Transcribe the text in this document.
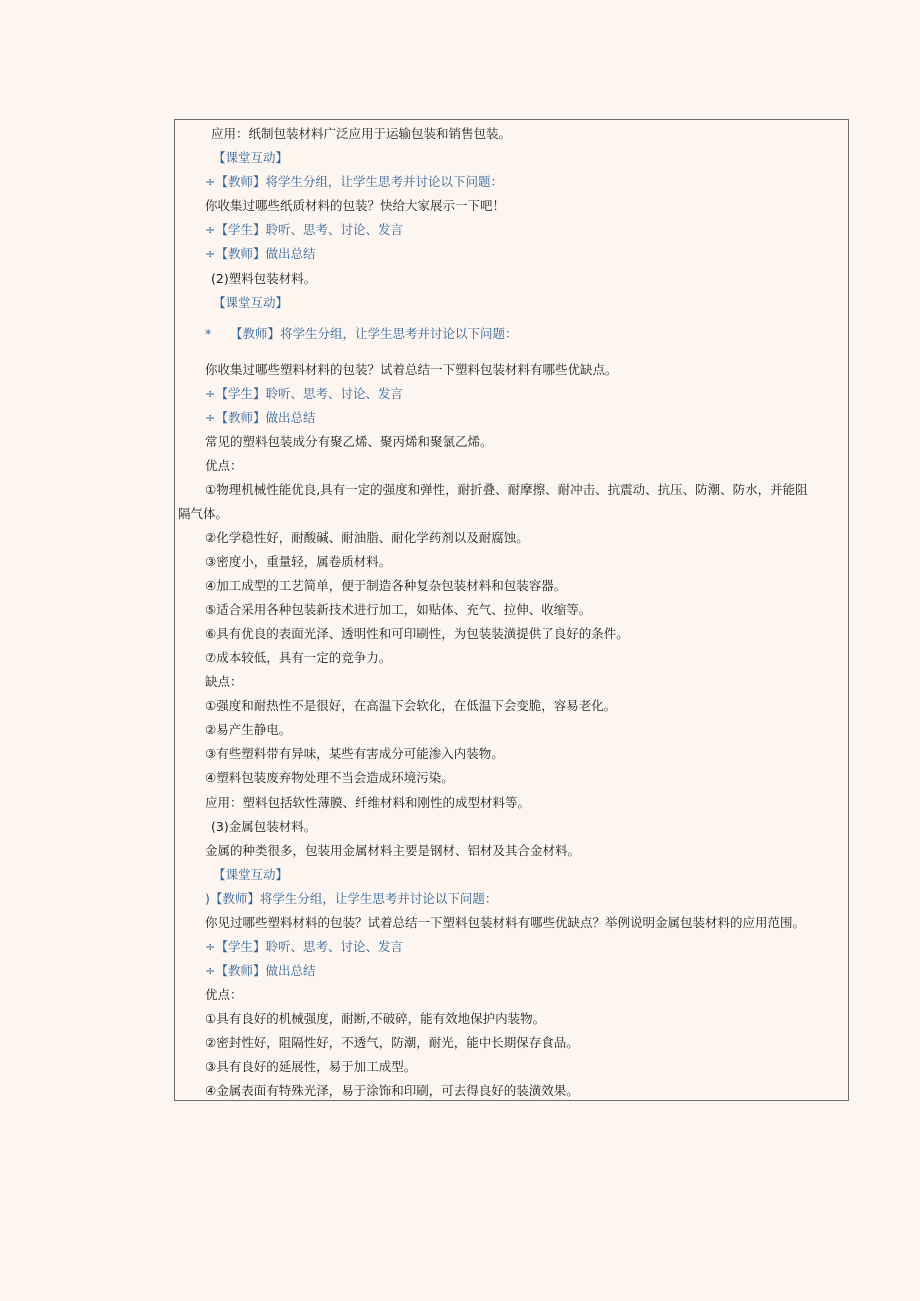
应用：纸制包装材料广泛应用于运输包装和销售包装。
【课堂互动】
÷【教师】将学生分组，让学生思考并讨论以下问题：
你收集过哪些纸质材料的包装？快给大家展示一下吧！
÷【学生】聆听、思考、讨论、发言
÷【教师】做出总结
(2)塑料包装材料。
【课堂互动】
*　　【教师】将学生分组，让学生思考并讨论以下问题：
你收集过哪些塑料材料的包装？试着总结一下塑料包装材料有哪些优缺点。
÷【学生】聆听、思考、讨论、发言
÷【教师】做出总结
常见的塑料包装成分有聚乙烯、聚丙烯和聚氯乙烯。
优点：
①物理机械性能优良,具有一定的强度和弹性，耐折叠、耐摩擦、耐冲击、抗震动、抗压、防潮、防水，并能阻
隔气体。
②化学稳性好，耐酸碱、耐油脂、耐化学药剂以及耐腐蚀。
③密度小，重量轻，属卷质材料。
④加工成型的工艺简单，便于制造各种复杂包装材料和包装容器。
⑤适合采用各种包装新技术进行加工，如贴体、充气、拉伸、收缩等。
⑥具有优良的表面光泽、透明性和可印刷性，为包装装潢提供了良好的条件。
⑦成本较低，具有一定的竞争力。
缺点：
①强度和耐热性不是很好，在高温下会软化，在低温下会变脆，容易老化。
②易产生静电。
③有些塑料带有异味，某些有害成分可能渗入内装物。
④塑料包装废弃物处理不当会造成环境污染。
应用：塑料包括软性薄膜、纤维材料和刚性的成型材料等。
(3)金属包装材料。
金属的种类很多，包装用金属材料主要是钢材、铝材及其合金材料。
【课堂互动】
)【教师】将学生分组，让学生思考并讨论以下问题：
你见过哪些塑料材料的包装？试着总结一下塑料包装材料有哪些优缺点？举例说明金属包装材料的应用范围。
÷【学生】聆听、思考、讨论、发言
÷【教师】做出总结
优点：
①具有良好的机械强度，耐断,不破碎，能有效地保护内装物。
②密封性好，阻隔性好，不透气，防潮，耐光，能中长期保存食品。
③具有良好的延展性，易于加工成型。
④金属表面有特殊光泽，易于涂饰和印刷，可去得良好的装潢效果。
